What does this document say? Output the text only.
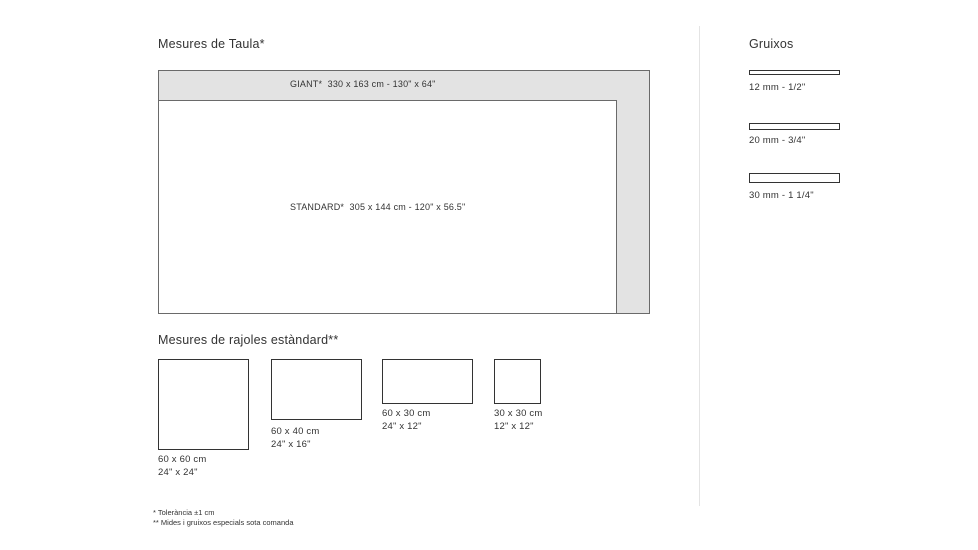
Mesures de Taula*
GIANT* 330 x 163 cm - 130" x 64"
STANDARD* 305 x 144 cm - 120" x 56.5"
Mesures de rajoles estàndard**
60 x 60 cm
24" x 24"
60 x 40 cm
24" x 16"
60 x 30 cm
24" x 12"
30 x 30 cm
12" x 12"
* Tolerància ±1 cm
** Mides i gruixos especials sota comanda
Gruixos
12 mm - 1/2"
20 mm - 3/4"
30 mm - 1 1/4"
